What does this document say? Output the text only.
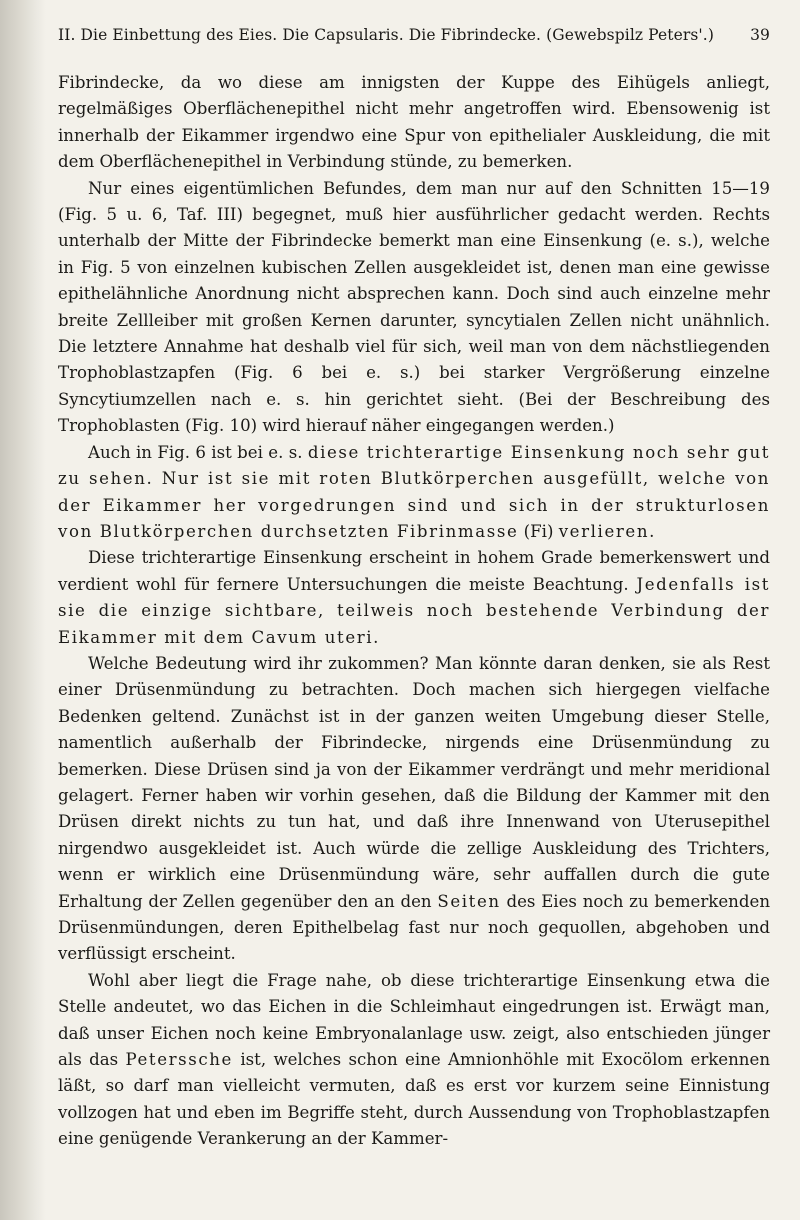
II. Die Einbettung des Eies. Die Capsularis. Die Fibrindecke. (Gewebspilz Peters'.) 39

Fibrindecke, da wo diese am innigsten der Kuppe des Eihügels anliegt, regelmäßiges Oberflächenepithel nicht mehr angetroffen wird. Ebensowenig ist innerhalb der Eikammer irgendwo eine Spur von epithelialer Auskleidung, die mit dem Oberflächenepithel in Verbindung stünde, zu bemerken.

Nur eines eigentümlichen Befundes, dem man nur auf den Schnitten 15—19 (Fig. 5 u. 6, Taf. III) begegnet, muß hier ausführlicher gedacht werden. Rechts unterhalb der Mitte der Fibrindecke bemerkt man eine Einsenkung (e. s.), welche in Fig. 5 von einzelnen kubischen Zellen ausgekleidet ist, denen man eine gewisse epithelähnliche Anordnung nicht absprechen kann. Doch sind auch einzelne mehr breite Zellleiber mit großen Kernen darunter, syncytialen Zellen nicht unähnlich. Die letztere Annahme hat deshalb viel für sich, weil man von dem nächstliegenden Trophoblastzapfen (Fig. 6 bei e. s.) bei starker Vergrößerung einzelne Syncytiumzellen nach e. s. hin gerichtet sieht. (Bei der Beschreibung des Trophoblasten (Fig. 10) wird hierauf näher eingegangen werden.)

Auch in Fig. 6 ist bei e. s. diese trichterartige Einsenkung noch sehr gut zu sehen. Nur ist sie mit roten Blutkörperchen ausgefüllt, welche von der Eikammer her vorgedrungen sind und sich in der strukturlosen von Blutkörperchen durchsetzten Fibrinmasse (Fi) verlieren.

Diese trichterartige Einsenkung erscheint in hohem Grade bemerkenswert und verdient wohl für fernere Untersuchungen die meiste Beachtung. Jedenfalls ist sie die einzige sichtbare, teilweis noch bestehende Verbindung der Eikammer mit dem Cavum uteri.

Welche Bedeutung wird ihr zukommen? Man könnte daran denken, sie als Rest einer Drüsenmündung zu betrachten. Doch machen sich hiergegen vielfache Bedenken geltend. Zunächst ist in der ganzen weiten Umgebung dieser Stelle, namentlich außerhalb der Fibrindecke, nirgends eine Drüsenmündung zu bemerken. Diese Drüsen sind ja von der Eikammer verdrängt und mehr meridional gelagert. Ferner haben wir vorhin gesehen, daß die Bildung der Kammer mit den Drüsen direkt nichts zu tun hat, und daß ihre Innenwand von Uterusepithel nirgendwo ausgekleidet ist. Auch würde die zellige Auskleidung des Trichters, wenn er wirklich eine Drüsenmündung wäre, sehr auffallen durch die gute Erhaltung der Zellen gegenüber den an den Seiten des Eies noch zu bemerkenden Drüsenmündungen, deren Epithelbelag fast nur noch gequollen, abgehoben und verflüssigt erscheint.

Wohl aber liegt die Frage nahe, ob diese trichterartige Einsenkung etwa die Stelle andeutet, wo das Eichen in die Schleimhaut eingedrungen ist. Erwägt man, daß unser Eichen noch keine Embryonalanlage usw. zeigt, also entschieden jünger als das Peterssche ist, welches schon eine Amnionhöhle mit Exocölom erkennen läßt, so darf man vielleicht vermuten, daß es erst vor kurzem seine Einnistung vollzogen hat und eben im Begriffe steht, durch Aussendung von Trophoblastzapfen eine genügende Verankerung an der Kammer-
